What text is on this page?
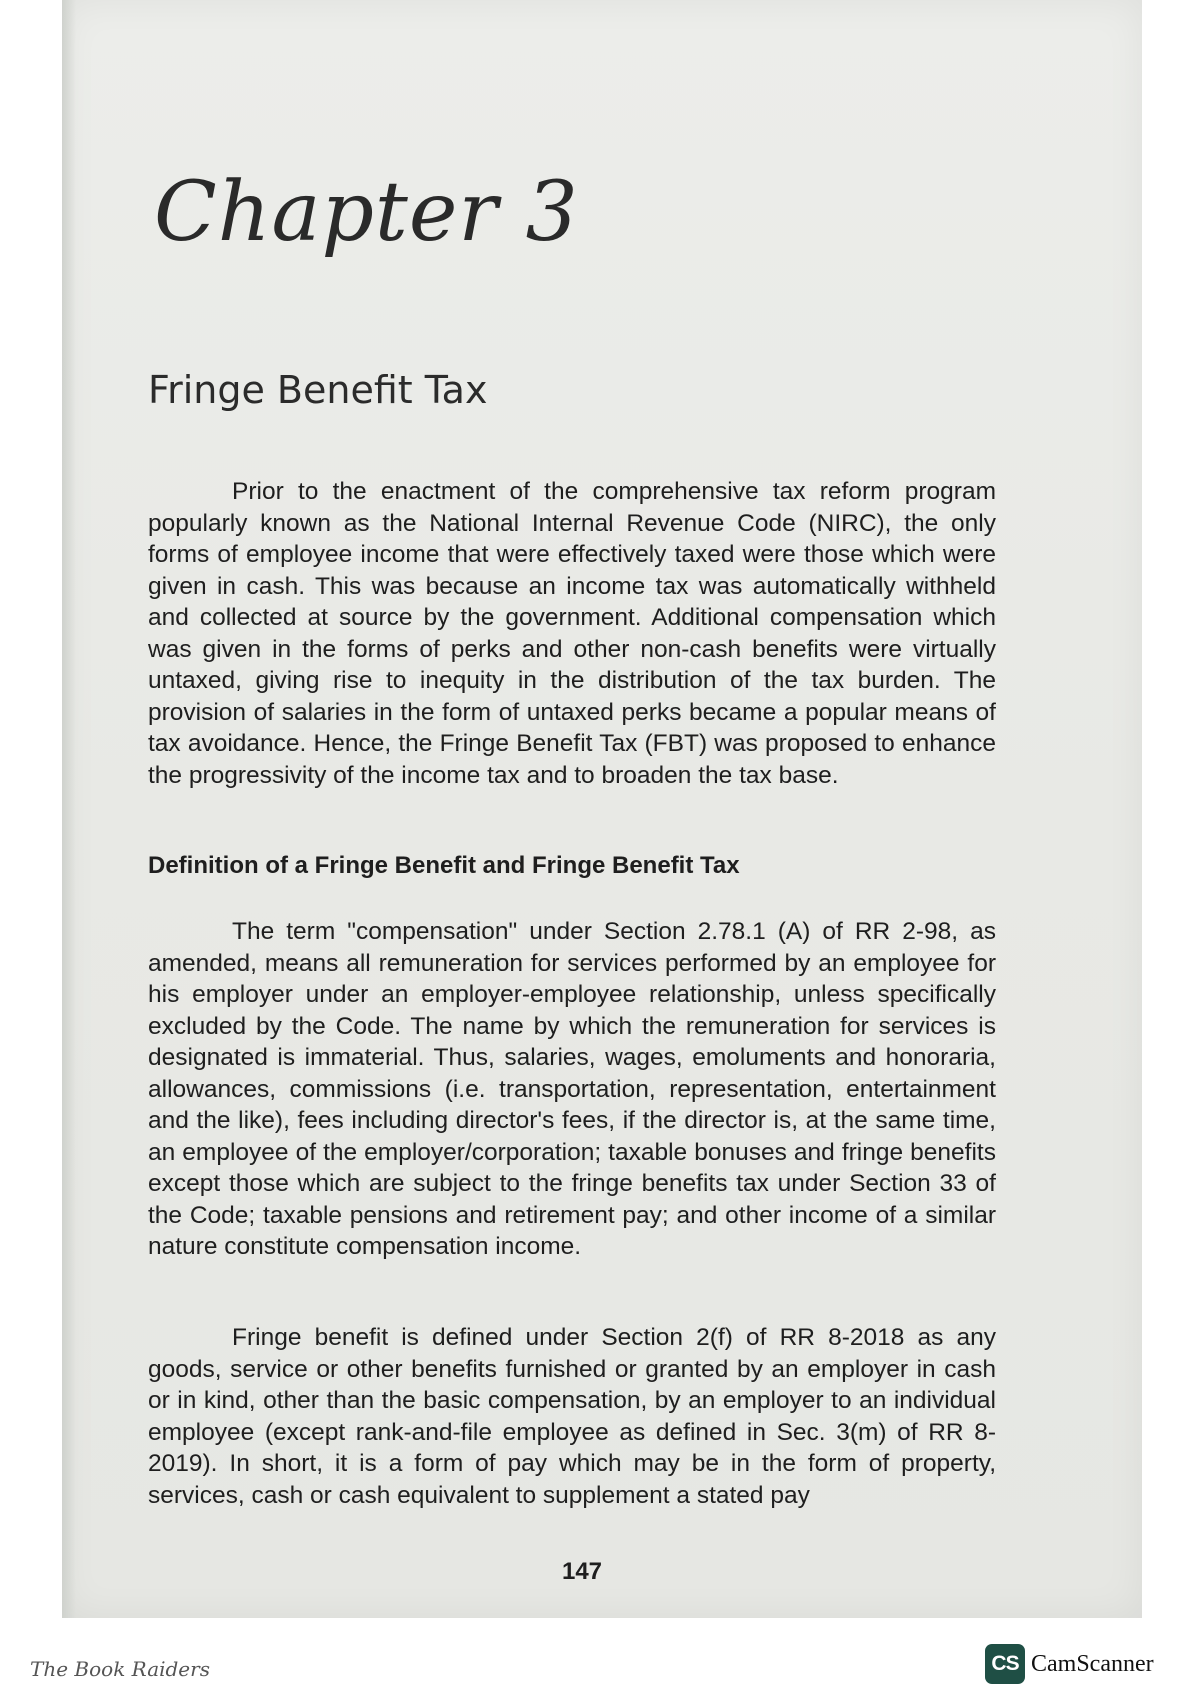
Chapter 3
Fringe Benefit Tax

Prior to the enactment of the comprehensive tax reform program popularly known as the National Internal Revenue Code (NIRC), the only forms of employee income that were effectively taxed were those which were given in cash. This was because an income tax was automatically withheld and collected at source by the government. Additional compensation which was given in the forms of perks and other non-cash benefits were virtually untaxed, giving rise to inequity in the distribution of the tax burden. The provision of salaries in the form of untaxed perks became a popular means of tax avoidance. Hence, the Fringe Benefit Tax (FBT) was proposed to enhance the progressivity of the income tax and to broaden the tax base.

Definition of a Fringe Benefit and Fringe Benefit Tax

The term "compensation" under Section 2.78.1 (A) of RR 2-98, as amended, means all remuneration for services performed by an employee for his employer under an employer-employee relationship, unless specifically excluded by the Code. The name by which the remuneration for services is designated is immaterial. Thus, salaries, wages, emoluments and honoraria, allowances, commissions (i.e. transportation, representation, entertainment and the like), fees including director's fees, if the director is, at the same time, an employee of the employer/corporation; taxable bonuses and fringe benefits except those which are subject to the fringe benefits tax under Section 33 of the Code; taxable pensions and retirement pay; and other income of a similar nature constitute compensation income.

Fringe benefit is defined under Section 2(f) of RR 8-2018 as any goods, service or other benefits furnished or granted by an employer in cash or in kind, other than the basic compensation, by an employer to an individual employee (except rank-and-file employee as defined in Sec. 3(m) of RR 8-2019). In short, it is a form of pay which may be in the form of property, services, cash or cash equivalent to supplement a stated pay

147
The Book Raiders	CS CamScanner
